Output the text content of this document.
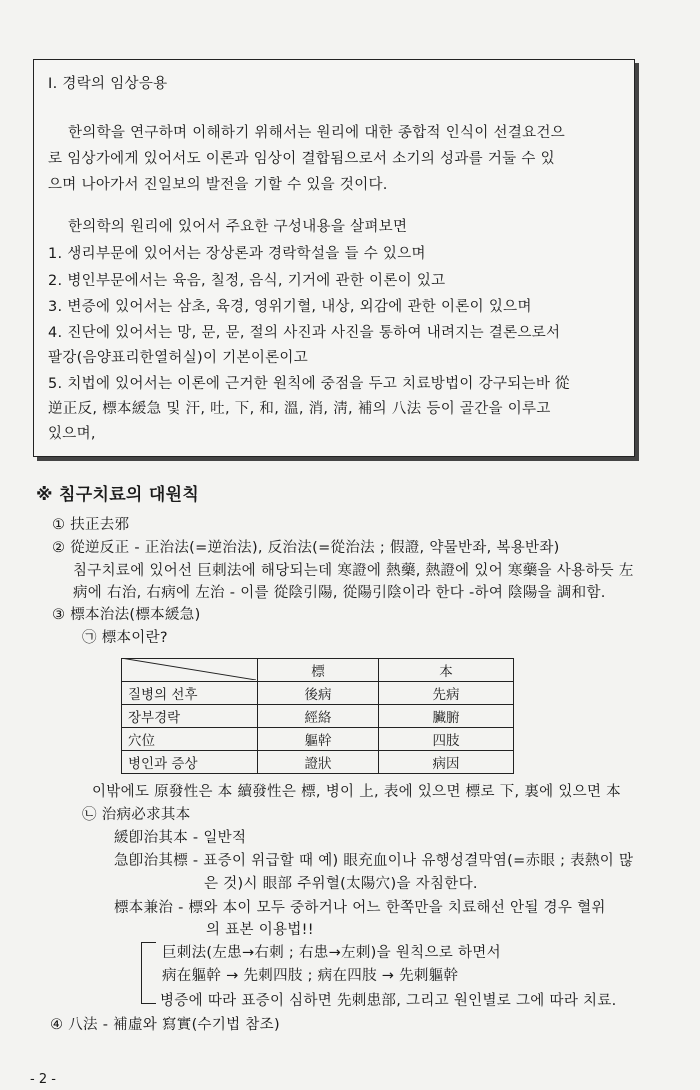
I. 경락의 임상응용
한의학을 연구하며 이해하기 위해서는 원리에 대한 종합적 인식이 선결요건으
로 임상가에게 있어서도 이론과 임상이 결합됨으로서 소기의 성과를 거둘 수 있
으며 나아가서 진일보의 발전을 기할 수 있을 것이다.
한의학의 원리에 있어서 주요한 구성내용을 살펴보면
1. 생리부문에 있어서는 장상론과 경락학설을 들 수 있으며
2. 병인부문에서는 육음, 칠정, 음식, 기거에 관한 이론이 있고
3. 변증에 있어서는 삼초, 육경, 영위기혈, 내상, 외감에 관한 이론이 있으며
4. 진단에 있어서는 망, 문, 문, 절의 사진과 사진을 통하여 내려지는 결론으로서
팔강(음양표리한열허실)이 기본이론이고
5. 치법에 있어서는 이론에 근거한 원칙에 중점을 두고 치료방법이 강구되는바 從
逆正反, 標本緩急 및 汗, 吐, 下, 和, 溫, 消, 淸, 補의 八法 등이 골간을 이루고
있으며,
※ 침구치료의 대원칙
① 扶正去邪
② 從逆反正 - 正治法(=逆治法), 反治法(=從治法 ; 假證, 약물반좌, 복용반좌)
침구치료에 있어선 巨刺法에 해당되는데 寒證에 熱藥, 熱證에 있어 寒藥을 사용하듯 左
病에 右治, 右病에 左治 - 이를 從陰引陽, 從陽引陰이라 한다 -하여 陰陽을 調和함.
③ 標本治法(標本緩急)
㉠ 標本이란?
	標	本
질병의 선후	後病	先病
장부경락	經絡	臟腑
穴位	軀幹	四肢
병인과 증상	證狀	病因
이밖에도 原發性은 本 續發性은 標, 병이 上, 表에 있으면 標로 下, 裏에 있으면 本
㉡ 治病必求其本
緩卽治其本 - 일반적
急卽治其標 - 표증이 위급할 때 예) 眼充血이나 유행성결막염(=赤眼 ; 表熱이 많
은 것)시 眼部 주위혈(太陽穴)을 자침한다.
標本兼治 - 標와 本이 모두 중하거나 어느 한쪽만을 치료해선 안될 경우 혈위
의 표본 이용법!!
巨刺法(左患→右刺 ; 右患→左刺)을 원칙으로 하면서
病在軀幹 → 先刺四肢 ; 病在四肢 → 先刺軀幹
병증에 따라 표증이 심하면 先刺患部, 그리고 원인별로 그에 따라 치료.
④ 八法 - 補虛와 寫實(수기법 참조)
- 2 -
